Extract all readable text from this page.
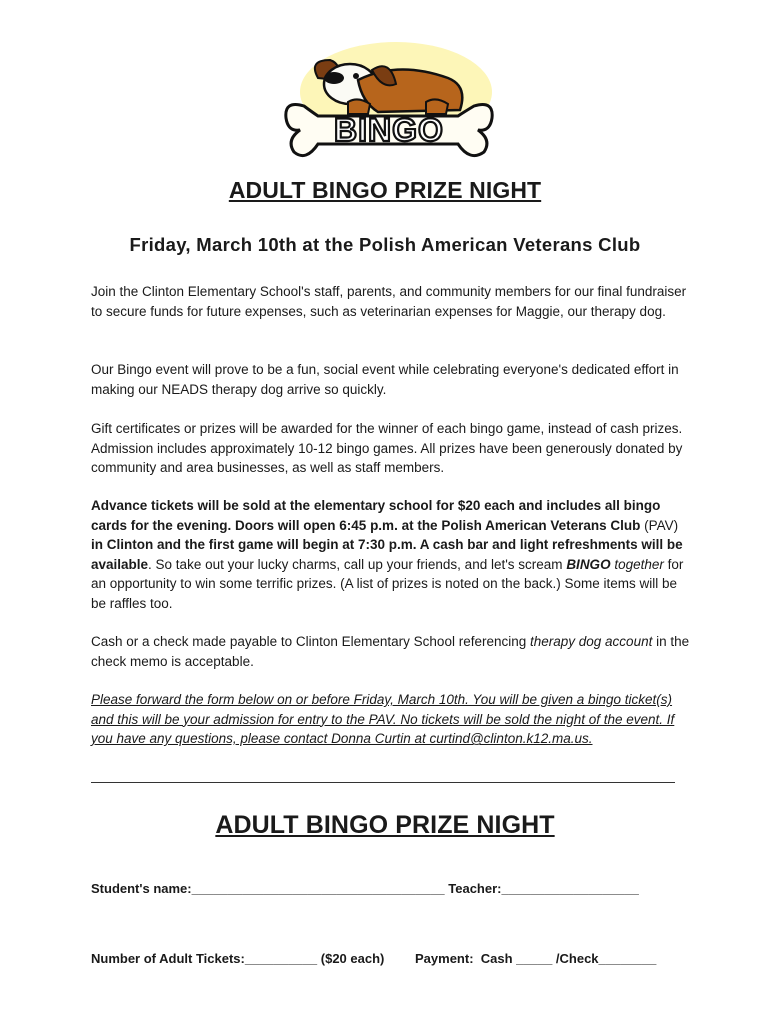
BINGO
ADULT BINGO PRIZE NIGHT
Friday, March 10th at the Polish American Veterans Club

Join the Clinton Elementary School's staff, parents, and community members for our final fundraiser to secure funds for future expenses, such as veterinarian expenses for Maggie, our therapy dog.

Our Bingo event will prove to be a fun, social event while celebrating everyone's dedicated effort in making our NEADS therapy dog arrive so quickly.

Gift certificates or prizes will be awarded for the winner of each bingo game, instead of cash prizes. Admission includes approximately 10-12 bingo games. All prizes have been generously donated by community and area businesses, as well as staff members.

Advance tickets will be sold at the elementary school for $20 each and includes all bingo cards for the evening. Doors will open 6:45 p.m. at the Polish American Veterans Club (PAV) in Clinton and the first game will begin at 7:30 p.m. A cash bar and light refreshments will be available. So take out your lucky charms, call up your friends, and let's scream BINGO together for an opportunity to win some terrific prizes. (A list of prizes is noted on the back.) Some items will be be raffles too.

Cash or a check made payable to Clinton Elementary School referencing therapy dog account in the check memo is acceptable.

Please forward the form below on or before Friday, March 10th. You will be given a bingo ticket(s) and this will be your admission for entry to the PAV. No tickets will be sold the night of the event. If you have any questions, please contact Donna Curtin at curtind@clinton.k12.ma.us.

ADULT BINGO PRIZE NIGHT

Student's name:___________________________________ Teacher:___________________

Number of Adult Tickets:__________ ($20 each) Payment:  Cash _____ /Check________
